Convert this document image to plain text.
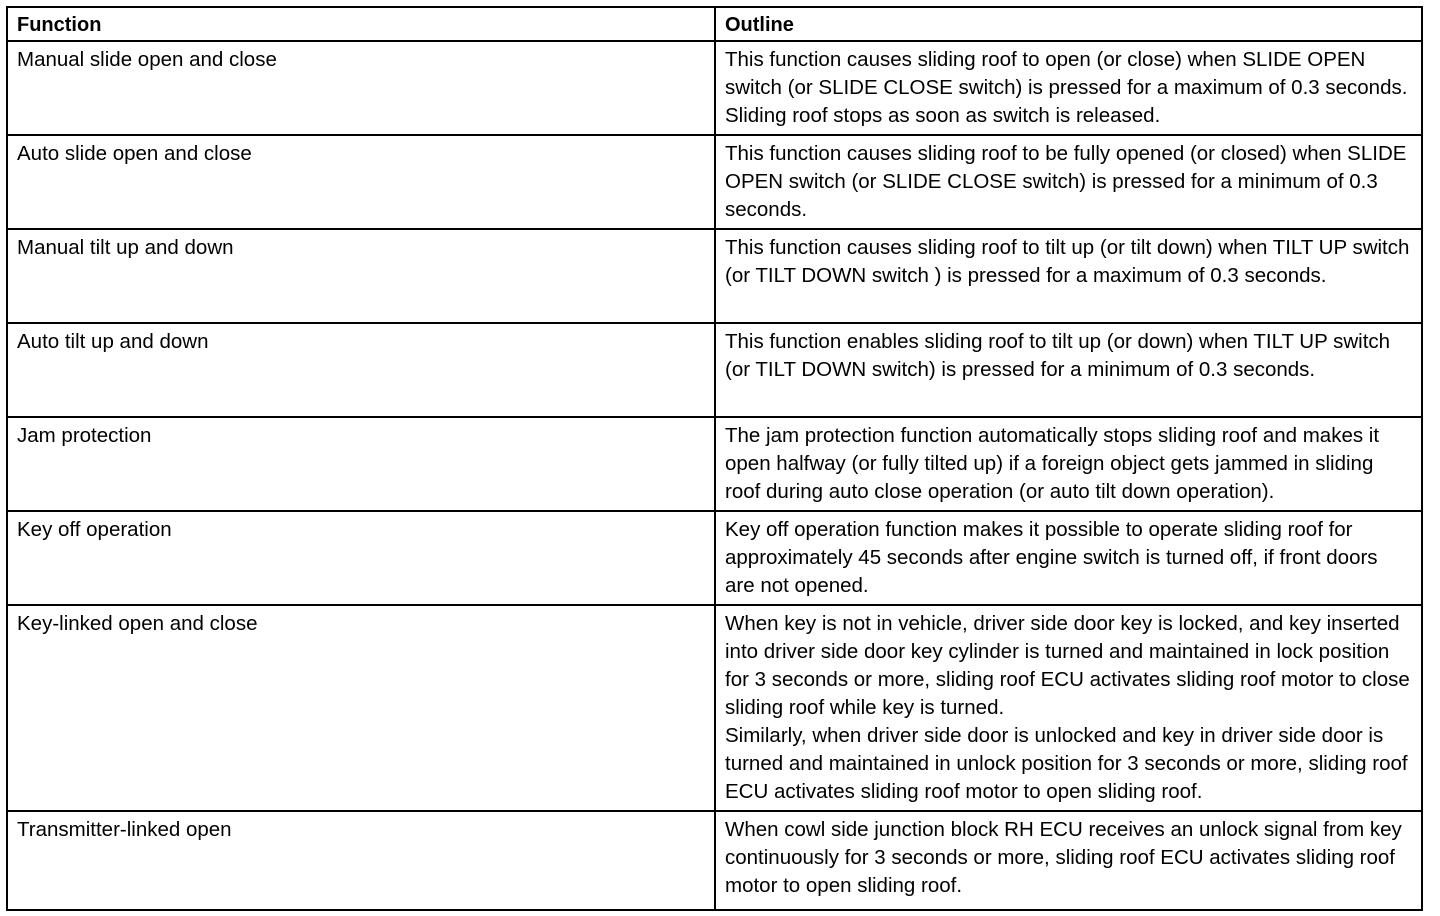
Function	Outline
Manual slide open and close	This function causes sliding roof to open (or close) when SLIDE OPEN switch (or SLIDE CLOSE switch) is pressed for a maximum of 0.3 seconds. Sliding roof stops as soon as switch is released.

Auto slide open and close	This function causes sliding roof to be fully opened (or closed) when SLIDE OPEN switch (or SLIDE CLOSE switch) is pressed for a minimum of 0.3 seconds.

Manual tilt up and down	This function causes sliding roof to tilt up (or tilt down) when TILT UP switch (or TILT DOWN switch ) is pressed for a maximum of 0.3 seconds.

Auto tilt up and down	This function enables sliding roof to tilt up (or down) when TILT UP switch (or TILT DOWN switch) is pressed for a minimum of 0.3 seconds.

Jam protection	The jam protection function automatically stops sliding roof and makes it open halfway (or fully tilted up) if a foreign object gets jammed in sliding roof during auto close operation (or auto tilt down operation).

Key off operation	Key off operation function makes it possible to operate sliding roof for approximately 45 seconds after engine switch is turned off, if front doors are not opened.

Key-linked open and close	When key is not in vehicle, driver side door key is locked, and key inserted into driver side door key cylinder is turned and maintained in lock position for 3 seconds or more, sliding roof ECU activates sliding roof motor to close sliding roof while key is turned.
Similarly, when driver side door is unlocked and key in driver side door is turned and maintained in unlock position for 3 seconds or more, sliding roof ECU activates sliding roof motor to open sliding roof.

Transmitter-linked open	When cowl side junction block RH ECU receives an unlock signal from key continuously for 3 seconds or more, sliding roof ECU activates sliding roof motor to open sliding roof.
